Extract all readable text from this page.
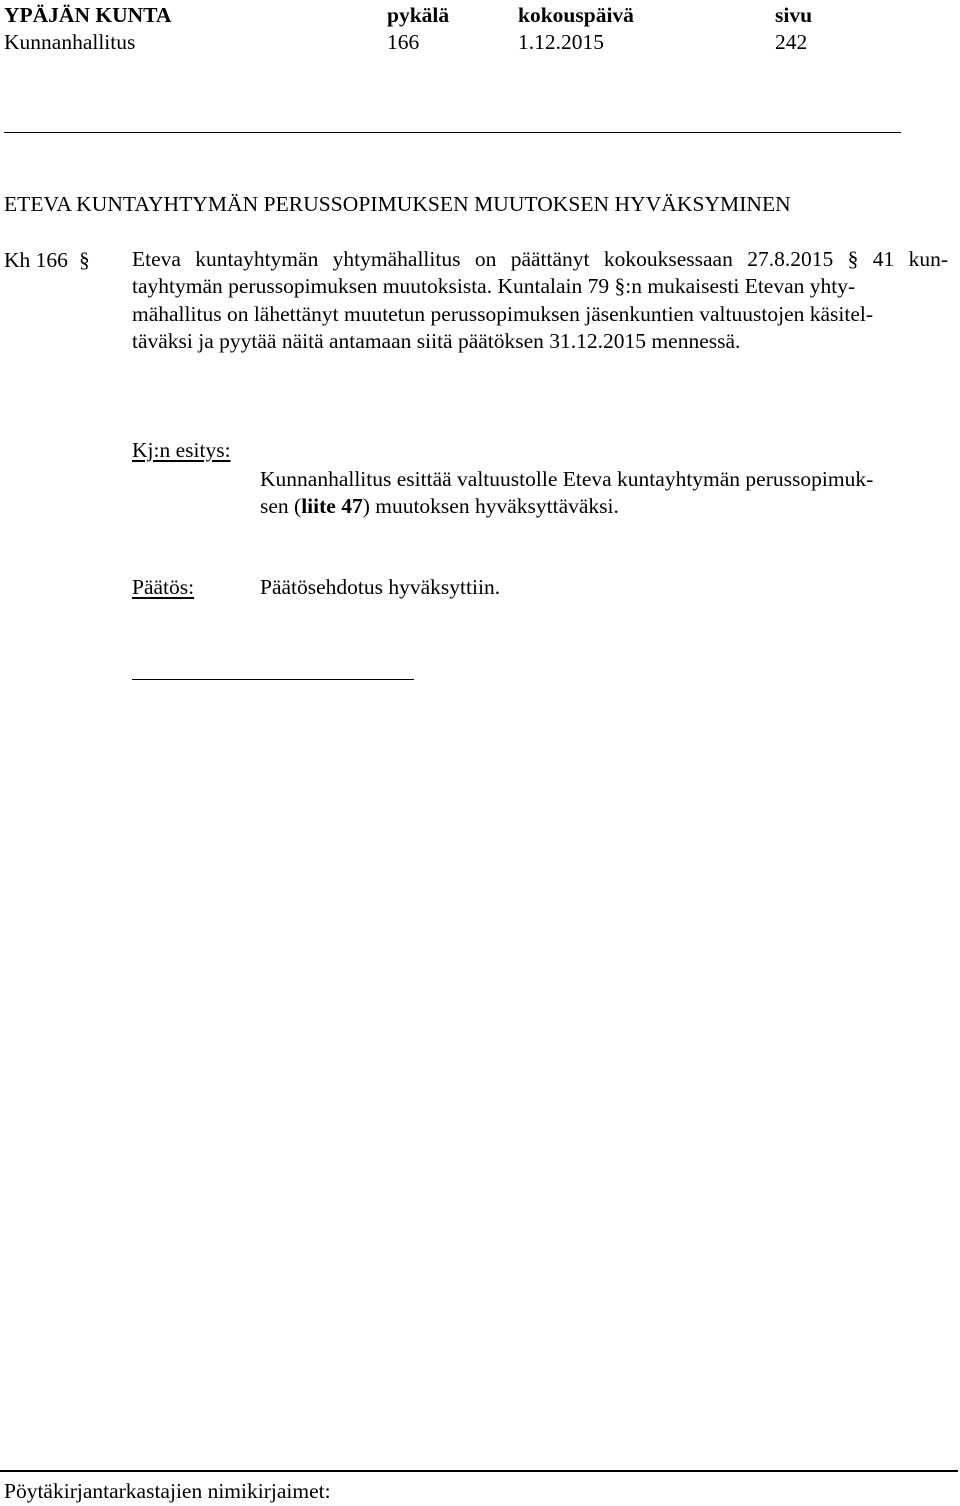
YPÄJÄN KUNTA
Kunnanhallitus
pykälä
166
kokouspäivä
1.12.2015
sivu
242
ETEVA KUNTAYHTYMÄN PERUSSOPIMUKSEN MUUTOKSEN HYVÄKSYMINEN
Kh 166 § Eteva kuntayhtymän yhtymähallitus on päättänyt kokouksessaan 27.8.2015 § 41 kun-
tayhtymän perussopimuksen muutoksista. Kuntalain 79 §:n mukaisesti Etevan yhty-
mähallitus on lähettänyt muutetun perussopimuksen jäsenkuntien valtuustojen käsitel-
täväksi ja pyytää näitä antamaan siitä päätöksen 31.12.2015 mennessä.
Kj:n esitys:
Kunnanhallitus esittää valtuustolle Eteva kuntayhtymän perussopimuk-
sen (liite 47) muutoksen hyväksyttäväksi.
Päätös:	Päätösehdotus hyväksyttiin.
Pöytäkirjantarkastajien nimikirjaimet:
